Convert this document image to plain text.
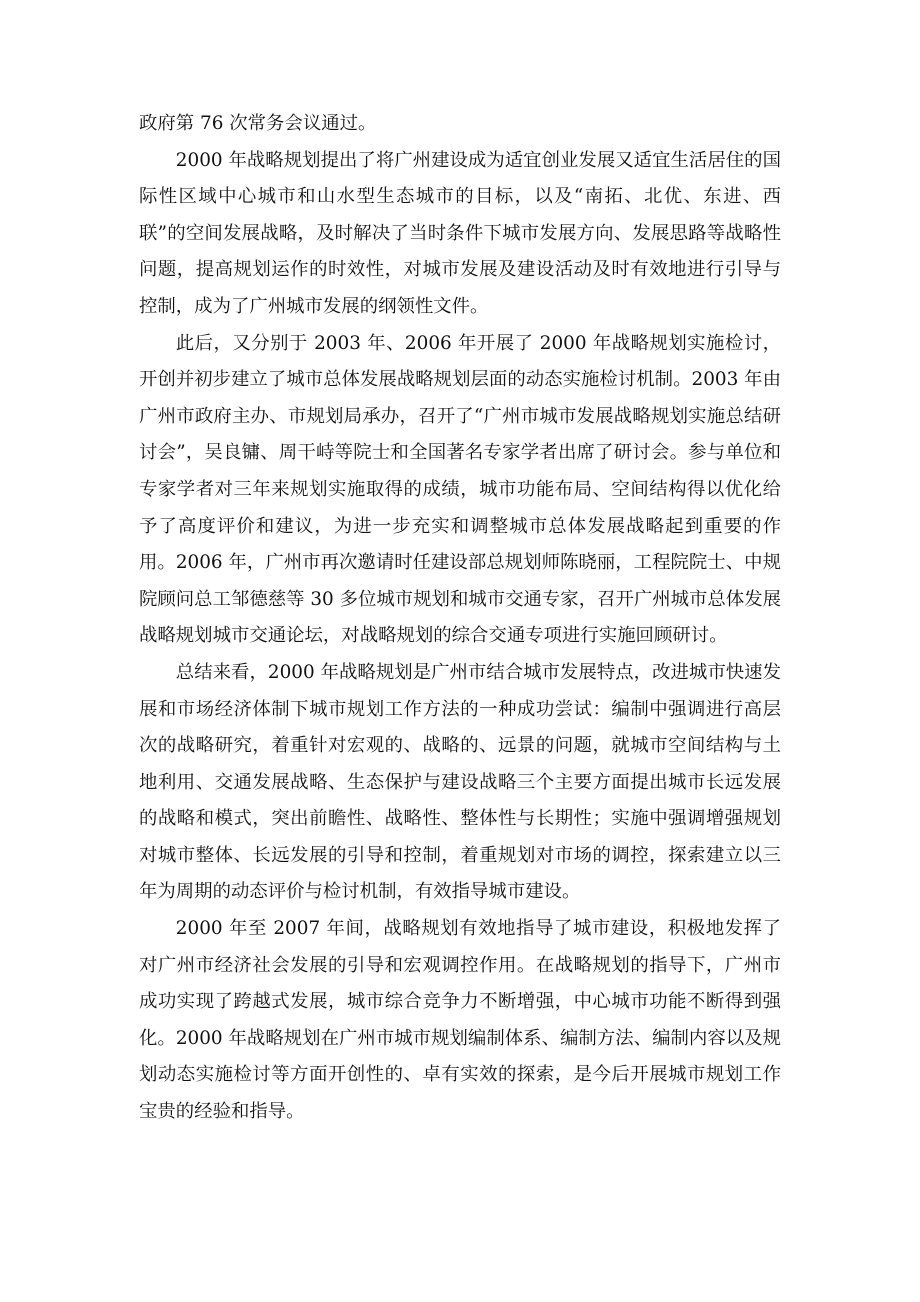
政府第 76 次常务会议通过。

2000 年战略规划提出了将广州建设成为适宜创业发展又适宜生活居住的国际性区域中心城市和山水型生态城市的目标，以及“南拓、北优、东进、西联”的空间发展战略，及时解决了当时条件下城市发展方向、发展思路等战略性问题，提高规划运作的时效性，对城市发展及建设活动及时有效地进行引导与控制，成为了广州城市发展的纲领性文件。

此后，又分别于 2003 年、2006 年开展了 2000 年战略规划实施检讨，开创并初步建立了城市总体发展战略规划层面的动态实施检讨机制。2003 年由广州市政府主办、市规划局承办，召开了“广州市城市发展战略规划实施总结研讨会”，吴良镛、周干峙等院士和全国著名专家学者出席了研讨会。参与单位和专家学者对三年来规划实施取得的成绩，城市功能布局、空间结构得以优化给予了高度评价和建议，为进一步充实和调整城市总体发展战略起到重要的作用。2006 年，广州市再次邀请时任建设部总规划师陈晓丽，工程院院士、中规院顾问总工邹德慈等 30 多位城市规划和城市交通专家，召开广州城市总体发展战略规划城市交通论坛，对战略规划的综合交通专项进行实施回顾研讨。

总结来看，2000 年战略规划是广州市结合城市发展特点，改进城市快速发展和市场经济体制下城市规划工作方法的一种成功尝试：编制中强调进行高层次的战略研究，着重针对宏观的、战略的、远景的问题，就城市空间结构与土地利用、交通发展战略、生态保护与建设战略三个主要方面提出城市长远发展的战略和模式，突出前瞻性、战略性、整体性与长期性；实施中强调增强规划对城市整体、长远发展的引导和控制，着重规划对市场的调控，探索建立以三年为周期的动态评价与检讨机制，有效指导城市建设。

2000 年至 2007 年间，战略规划有效地指导了城市建设，积极地发挥了对广州市经济社会发展的引导和宏观调控作用。在战略规划的指导下，广州市成功实现了跨越式发展，城市综合竞争力不断增强，中心城市功能不断得到强化。2000 年战略规划在广州市城市规划编制体系、编制方法、编制内容以及规划动态实施检讨等方面开创性的、卓有实效的探索，是今后开展城市规划工作宝贵的经验和指导。
